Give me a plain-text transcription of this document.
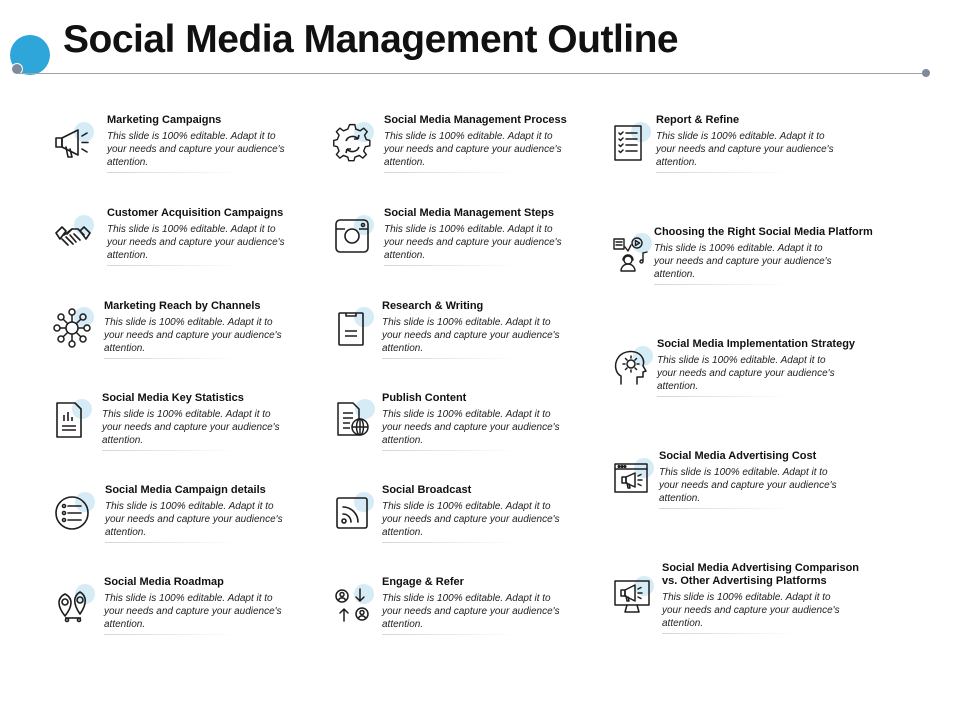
Social Media Management Outline
Marketing Campaigns
This slide is 100% editable. Adapt it to your needs and capture your audience's attention.
Customer Acquisition Campaigns
This slide is 100% editable. Adapt it to your needs and capture your audience's attention.
Marketing Reach by Channels
This slide is 100% editable. Adapt it to your needs and capture your audience's attention.
Social Media Key Statistics
This slide is 100% editable. Adapt it to your needs and capture your audience's attention.
Social Media Campaign details
This slide is 100% editable. Adapt it to your needs and capture your audience's attention.
Social Media Roadmap
This slide is 100% editable. Adapt it to your needs and capture your audience's attention.
Social Media Management Process
This slide is 100% editable. Adapt it to your needs and capture your audience's attention.
Social Media Management Steps
This slide is 100% editable. Adapt it to your needs and capture your audience's attention.
Research & Writing
This slide is 100% editable. Adapt it to your needs and capture your audience's attention.
Publish Content
This slide is 100% editable. Adapt it to your needs and capture your audience's attention.
Social Broadcast
This slide is 100% editable. Adapt it to your needs and capture your audience's attention.
Engage & Refer
This slide is 100% editable. Adapt it to your needs and capture your audience's attention.
Report & Refine
This slide is 100% editable. Adapt it to your needs and capture your audience's attention.
Choosing the Right Social Media Platform
This slide is 100% editable. Adapt it to your needs and capture your audience's attention.
Social Media Implementation Strategy
This slide is 100% editable. Adapt it to your needs and capture your audience's attention.
Social Media Advertising Cost
This slide is 100% editable. Adapt it to your needs and capture your audience's attention.
Social Media Advertising Comparison
vs. Other Advertising Platforms
This slide is 100% editable. Adapt it to your needs and capture your audience's attention.
